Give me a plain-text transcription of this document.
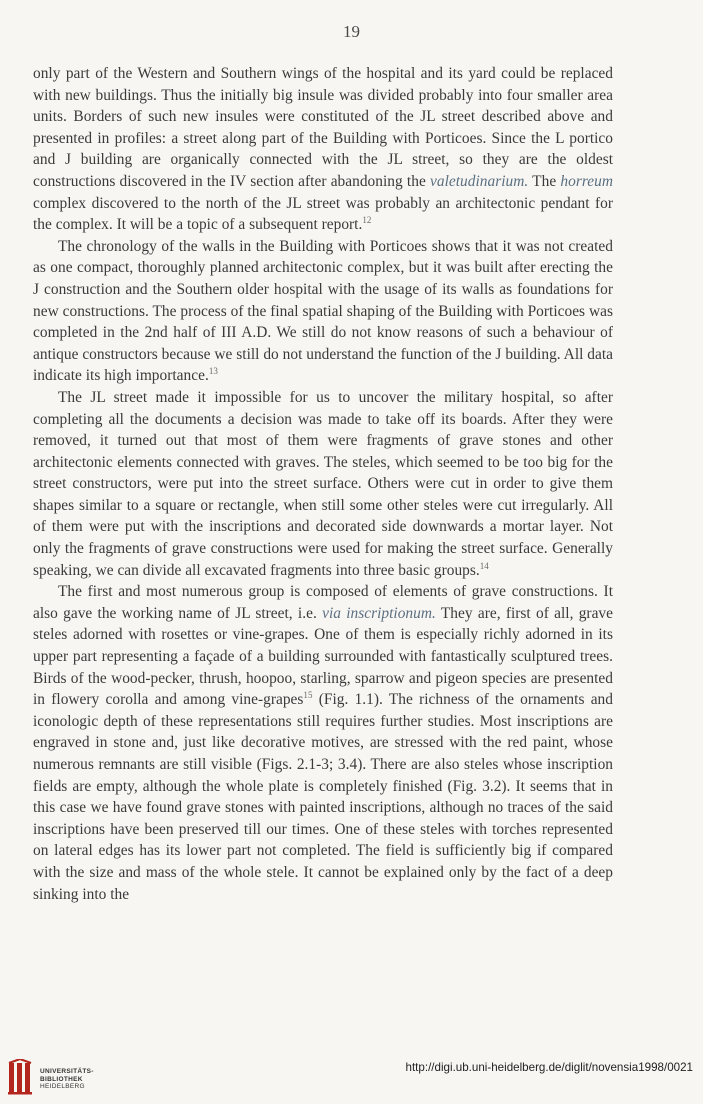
19

only part of the Western and Southern wings of the hospital and its yard could be replaced with new buildings. Thus the initially big insule was divided probably into four smaller area units. Borders of such new insules were constituted of the JL street described above and presented in profiles: a street along part of the Building with Porticoes. Since the L portico and J building are organically connected with the JL street, so they are the oldest constructions discovered in the IV section after abandoning the valetudinarium. The horreum complex discovered to the north of the JL street was probably an architectonic pendant for the complex. It will be a topic of a subsequent report.$^{12}$

The chronology of the walls in the Building with Porticoes shows that it was not created as one compact, thoroughly planned architectonic complex, but it was built after erecting the J construction and the Southern older hospital with the usage of its walls as foundations for new constructions. The process of the final spatial shaping of the Building with Porticoes was completed in the 2nd half of III A.D. We still do not know reasons of such a behaviour of antique constructors because we still do not understand the function of the J building. All data indicate its high importance.$^{13}$

The JL street made it impossible for us to uncover the military hospital, so after completing all the documents a decision was made to take off its boards. After they were removed, it turned out that most of them were fragments of grave stones and other architectonic elements connected with graves. The steles, which seemed to be too big for the street constructors, were put into the street surface. Others were cut in order to give them shapes similar to a square or rectangle, when still some other steles were cut irregularly. All of them were put with the inscriptions and decorated side downwards a mortar layer. Not only the fragments of grave constructions were used for making the street surface. Generally speaking, we can divide all excavated fragments into three basic groups.$^{14}$

The first and most numerous group is composed of elements of grave constructions. It also gave the working name of JL street, i.e. via inscriptionum. They are, first of all, grave steles adorned with rosettes or vine-grapes. One of them is especially richly adorned in its upper part representing a façade of a building surrounded with fantastically sculptured trees. Birds of the wood-pecker, thrush, hoopoo, starling, sparrow and pigeon species are presented in flowery corolla and among vine-grapes$^{15}$ (Fig. 1.1). The richness of the ornaments and iconologic depth of these representations still requires further studies. Most inscriptions are engraved in stone and, just like decorative motives, are stressed with the red paint, whose numerous remnants are still visible (Figs. 2.1-3; 3.4). There are also steles whose inscription fields are empty, although the whole plate is completely finished (Fig. 3.2). It seems that in this case we have found grave stones with painted inscriptions, although no traces of the said inscriptions have been preserved till our times. One of these steles with torches represented on lateral edges has its lower part not completed. The field is sufficiently big if compared with the size and mass of the whole stele. It cannot be explained only by the fact of a deep sinking into the

UNIVERSITÄTS-
BIBLIOTHEK
HEIDELBERG
http://digi.ub.uni-heidelberg.de/diglit/novensia1998/0021
